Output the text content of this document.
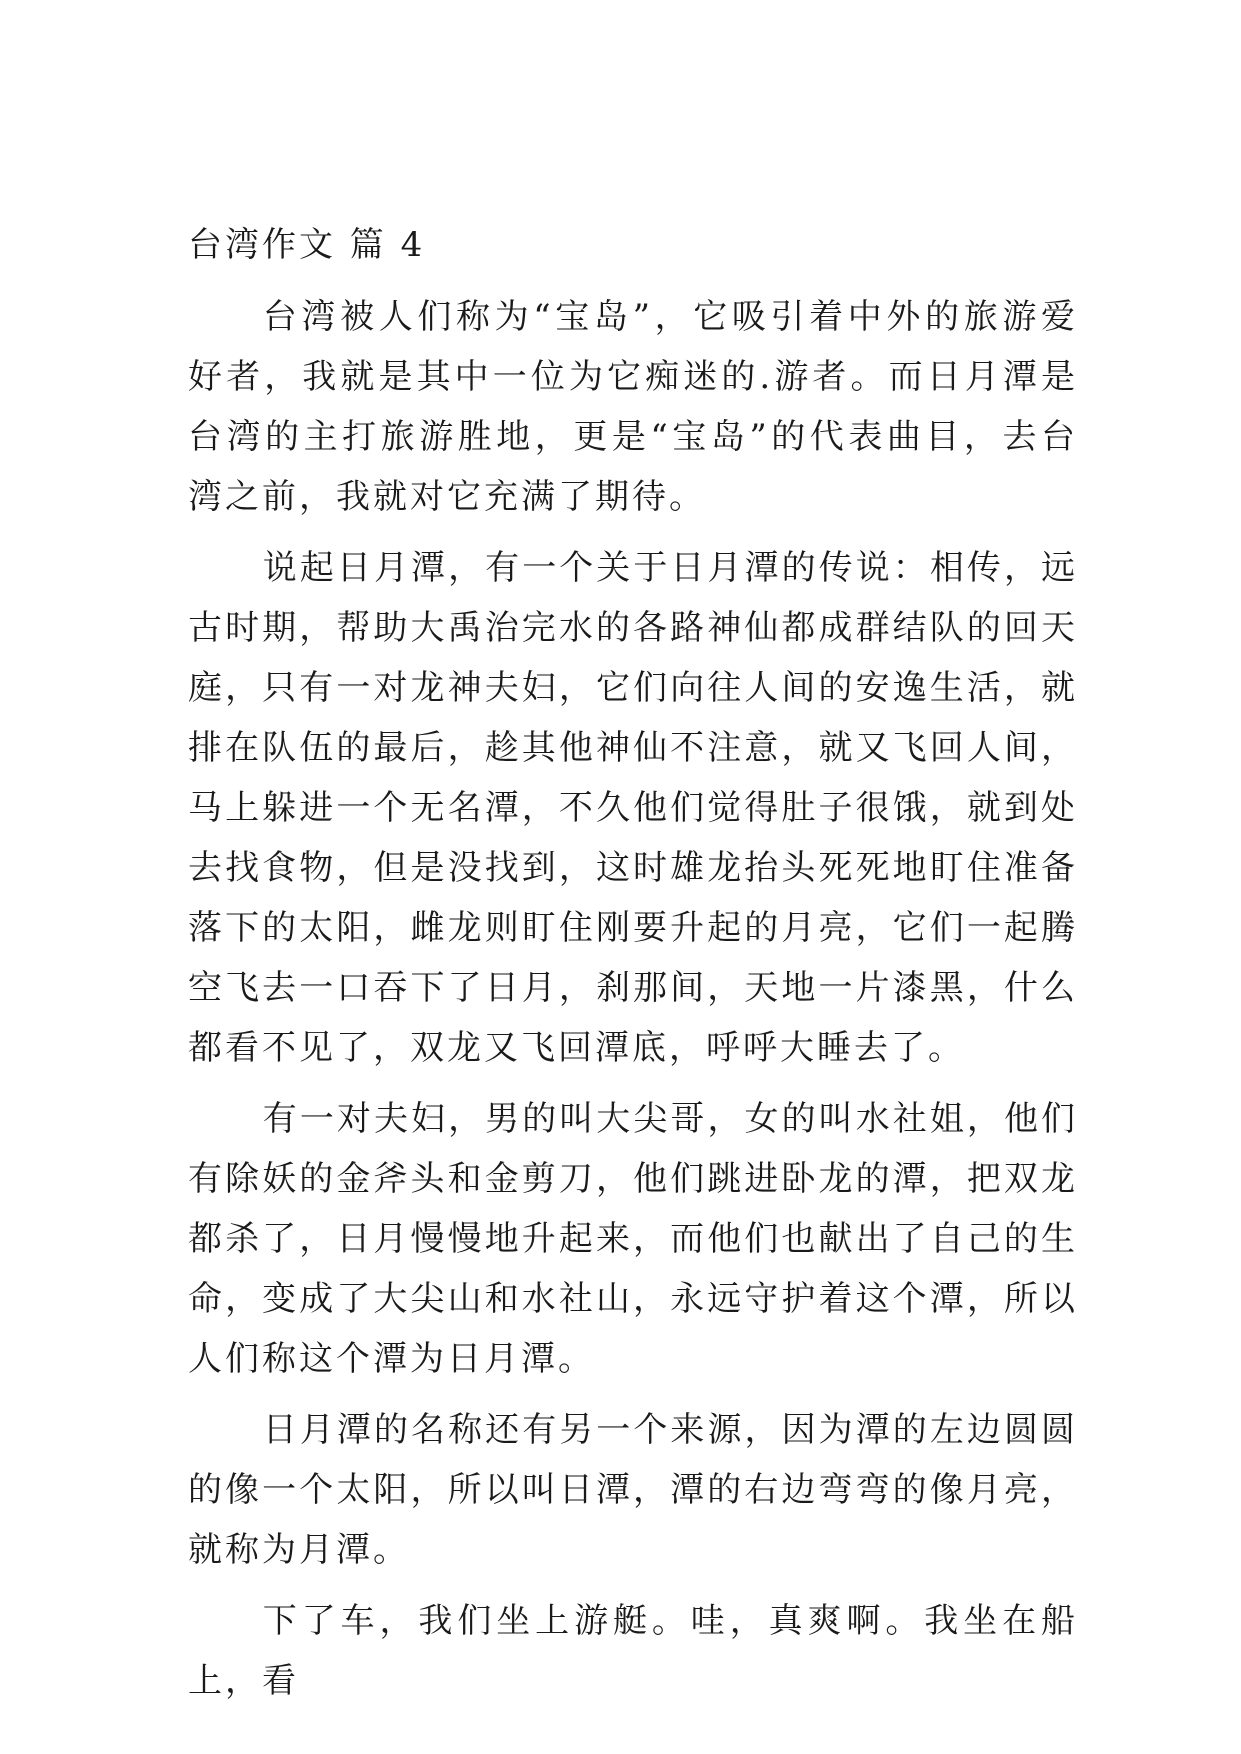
台湾作文 篇 4

台湾被人们称为“宝岛”，它吸引着中外的旅游爱好者，我就是其中一位为它痴迷的.游者。而日月潭是台湾的主打旅游胜地，更是“宝岛”的代表曲目，去台湾之前，我就对它充满了期待。

说起日月潭，有一个关于日月潭的传说：相传，远古时期，帮助大禹治完水的各路神仙都成群结队的回天庭，只有一对龙神夫妇，它们向往人间的安逸生活，就排在队伍的最后，趁其他神仙不注意，就又飞回人间，马上躲进一个无名潭，不久他们觉得肚子很饿，就到处去找食物，但是没找到，这时雄龙抬头死死地盯住准备落下的太阳，雌龙则盯住刚要升起的月亮，它们一起腾空飞去一口吞下了日月，刹那间，天地一片漆黑，什么都看不见了，双龙又飞回潭底，呼呼大睡去了。

有一对夫妇，男的叫大尖哥，女的叫水社姐，他们有除妖的金斧头和金剪刀，他们跳进卧龙的潭，把双龙都杀了，日月慢慢地升起来，而他们也献出了自己的生命，变成了大尖山和水社山，永远守护着这个潭，所以人们称这个潭为日月潭。

日月潭的名称还有另一个来源，因为潭的左边圆圆的像一个太阳，所以叫日潭，潭的右边弯弯的像月亮，就称为月潭。

下了车，我们坐上游艇。哇，真爽啊。我坐在船上，看
